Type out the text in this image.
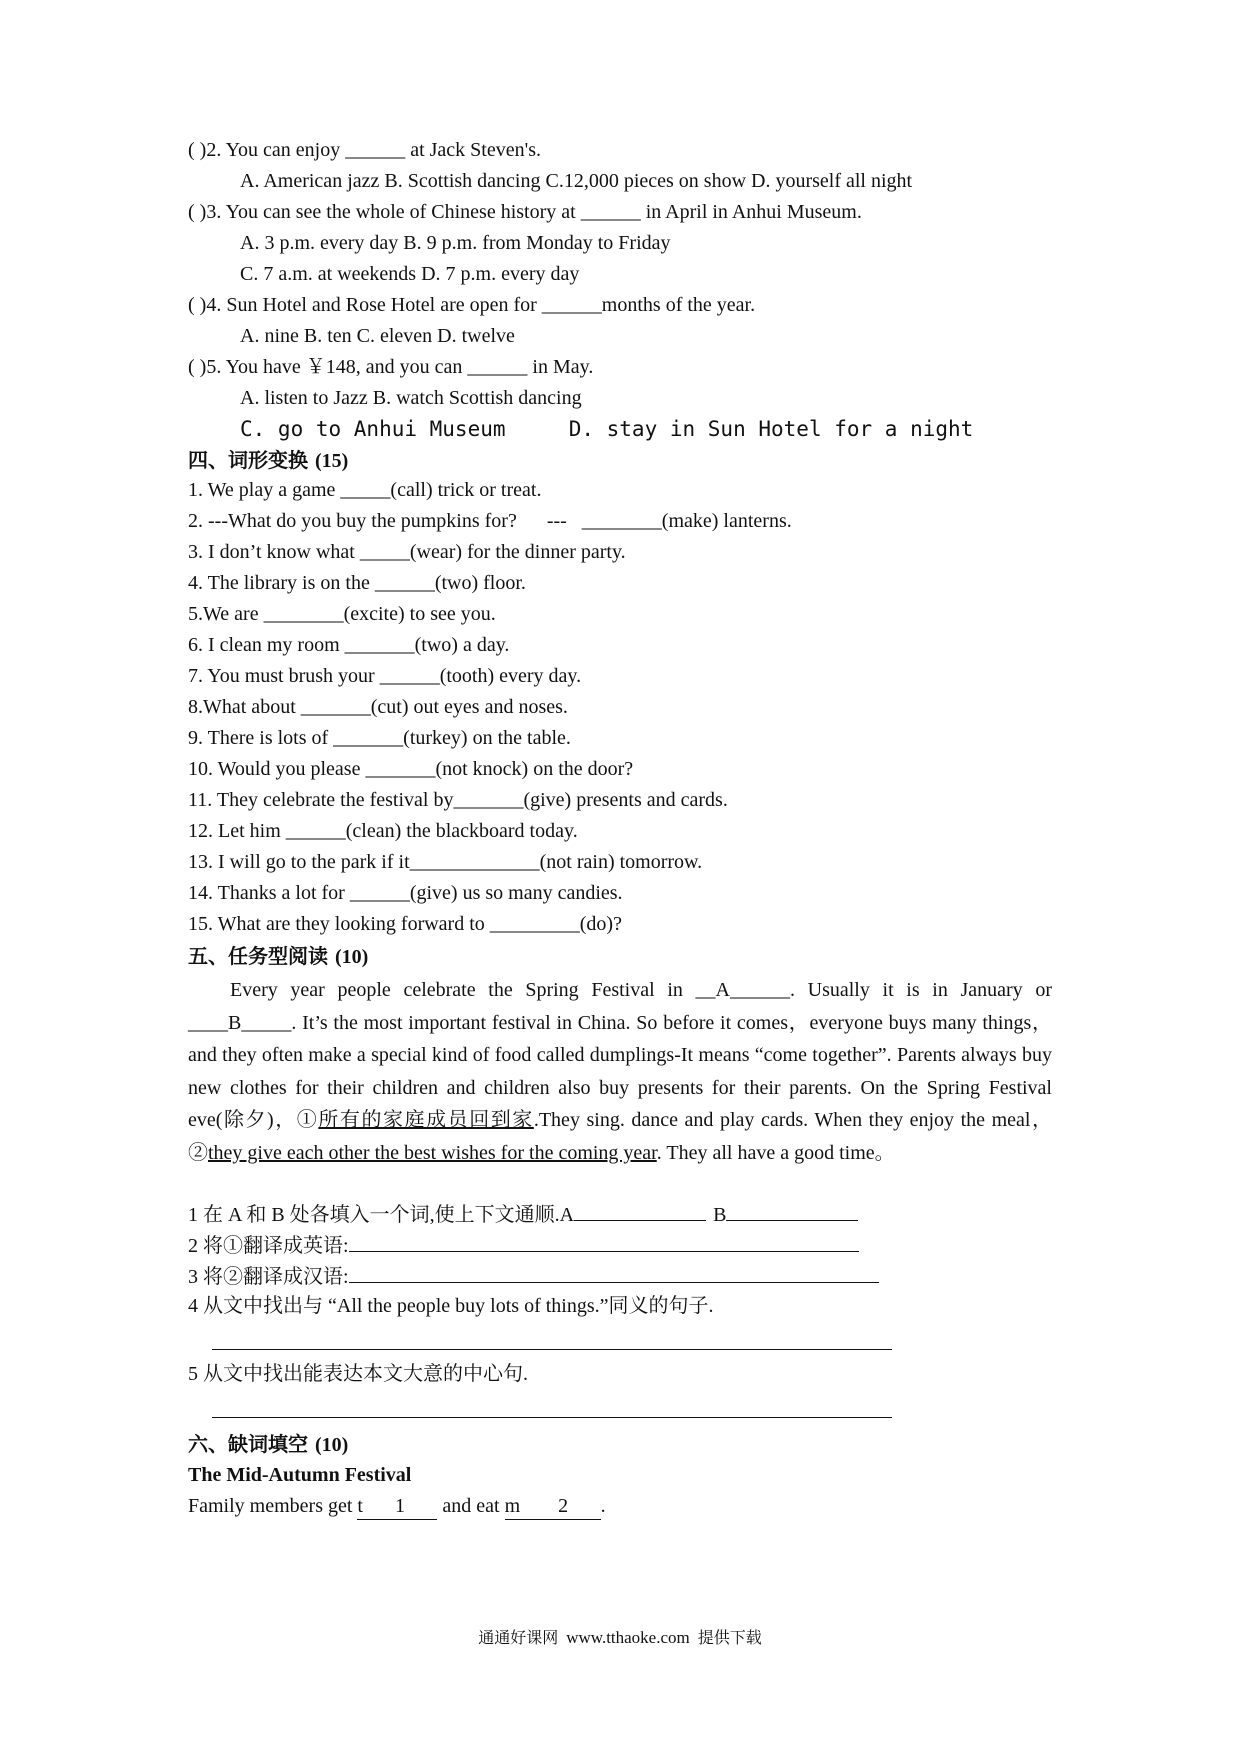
( )2. You can enjoy ______ at Jack Steven's.
A. American jazz B. Scottish dancing C.12,000 pieces on show D. yourself all night
( )3. You can see the whole of Chinese history at ______ in April in Anhui Museum.
A. 3 p.m. every day B. 9 p.m. from Monday to Friday
C. 7 a.m. at weekends D. 7 p.m. every day
( )4. Sun Hotel and Rose Hotel are open for ______months of the year.
A. nine B. ten C. eleven D. twelve
( )5. You have ￥148, and you can ______ in May.
A. listen to Jazz B. watch Scottish dancing
C. go to Anhui Museum     D. stay in Sun Hotel for a night
四、词形变换 (15)
1. We play a game _____(call) trick or treat.
2. ---What do you buy the pumpkins for?      ---   ________(make) lanterns.
3. I don’t know what _____(wear) for the dinner party.
4. The library is on the ______(two) floor.
5.We are ________(excite) to see you.
6. I clean my room _______(two) a day.
7. You must brush your ______(tooth) every day.
8.What about _______(cut) out eyes and noses.
9. There is lots of _______(turkey) on the table.
10. Would you please _______(not knock) on the door?
11. They celebrate the festival by_______(give) presents and cards.
12. Let him ______(clean) the blackboard today.
13. I will go to the park if it_____________(not rain) tomorrow.
14. Thanks a lot for ______(give) us so many candies.
15. What are they looking forward to _________(do)?
五、任务型阅读 (10)
Every year people celebrate the Spring Festival in __A______. Usually it is in January or ____B_____. It’s the most important festival in China. So before it comes，everyone buys many things， and they often make a special kind of food called dumplings-It means “come together”. Parents always buy new clothes for their children and children also buy presents for their parents. On the Spring Festival eve(除夕)，①所有的家庭成员回到家.They sing. dance and play cards. When they enjoy the meal，②they give each other the best wishes for the coming year. They all have a good time。
1 在 A 和 B 处各填入一个词,使上下文通顺.A	B
2 将①翻译成英语:
3 将②翻译成汉语:
4 从文中找出与 “All the people buy lots of things.”同义的句子.
5 从文中找出能表达本文大意的中心句.
六、缺词填空 (10)
The Mid-Autumn Festival
Family members get t 1 and eat m 2 .
通通好课网 www.tthaoke.com 提供下载
